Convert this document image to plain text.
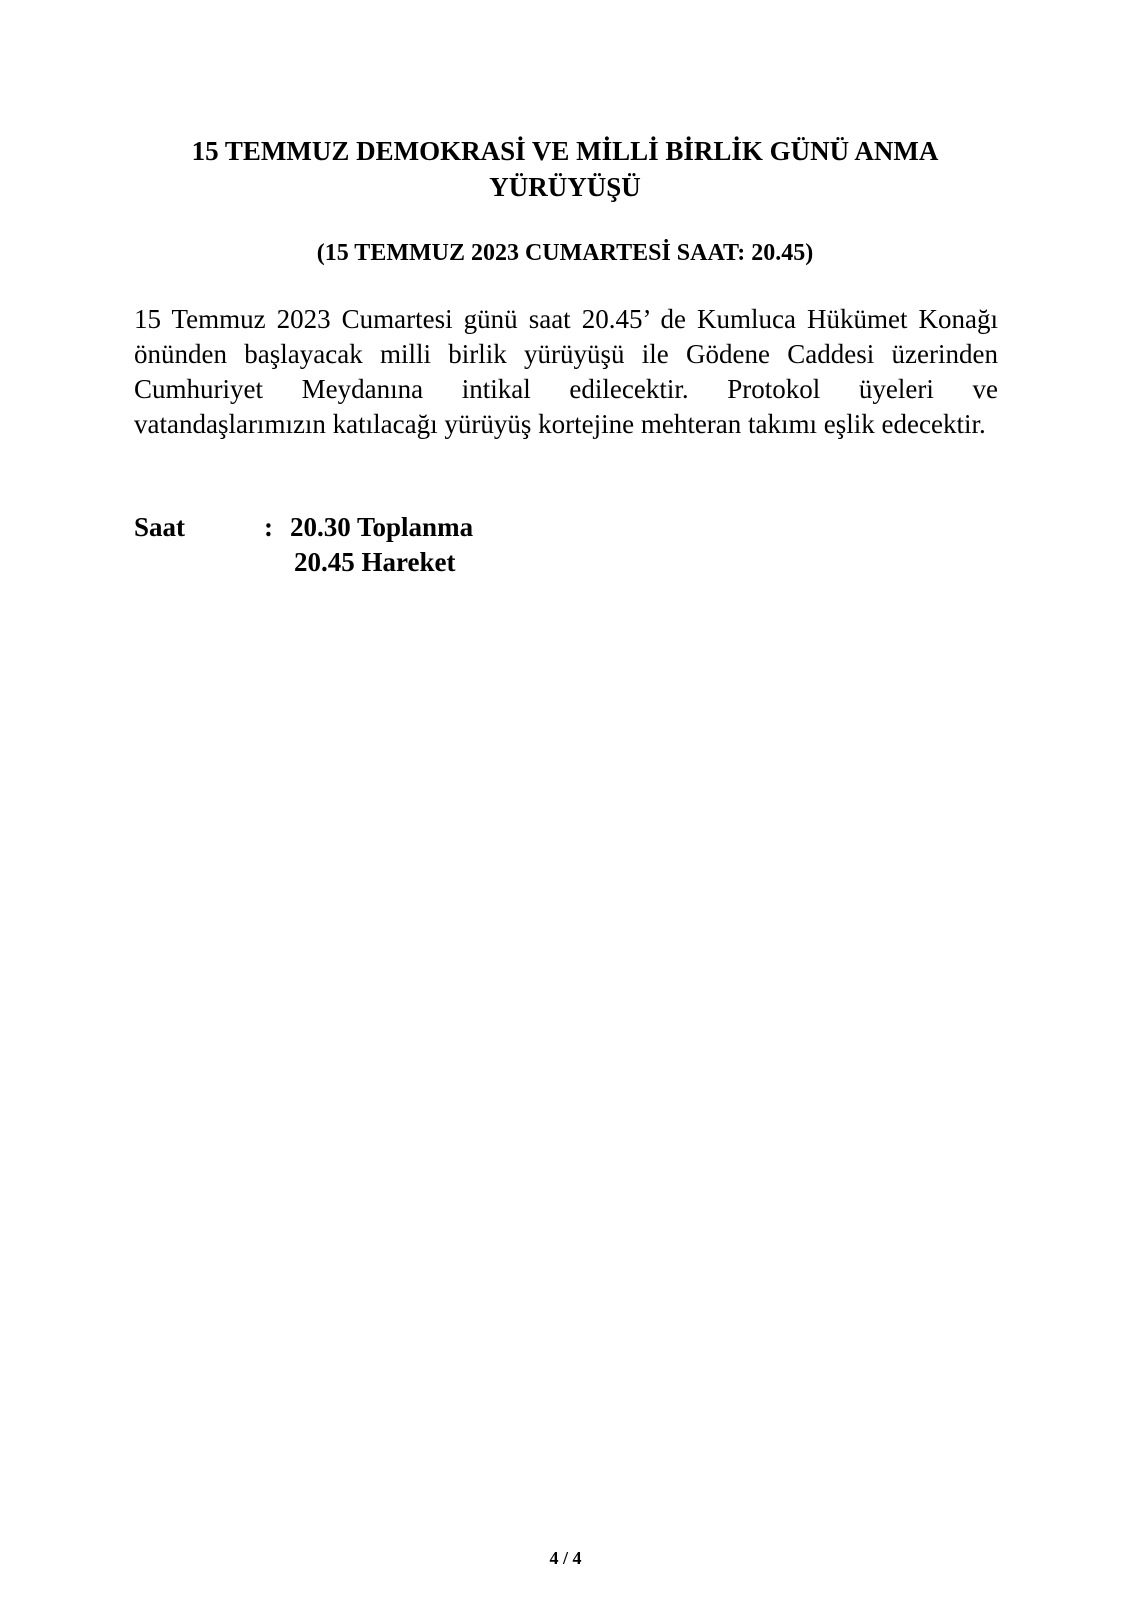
15 TEMMUZ DEMOKRASİ VE MİLLİ BİRLİK GÜNÜ ANMA YÜRÜYÜŞÜ
(15 TEMMUZ 2023 CUMARTESİ SAAT: 20.45)

15 Temmuz 2023 Cumartesi günü saat 20.45’ de Kumluca Hükümet Konağı önünden başlayacak milli birlik yürüyüşü ile Gödene Caddesi üzerinden Cumhuriyet Meydanına intikal edilecektir. Protokol üyeleri ve vatandaşlarımızın katılacağı yürüyüş kortejine mehteran takımı eşlik edecektir.

Saat	: 20.30 Toplanma
20.45 Hareket
4 / 4
